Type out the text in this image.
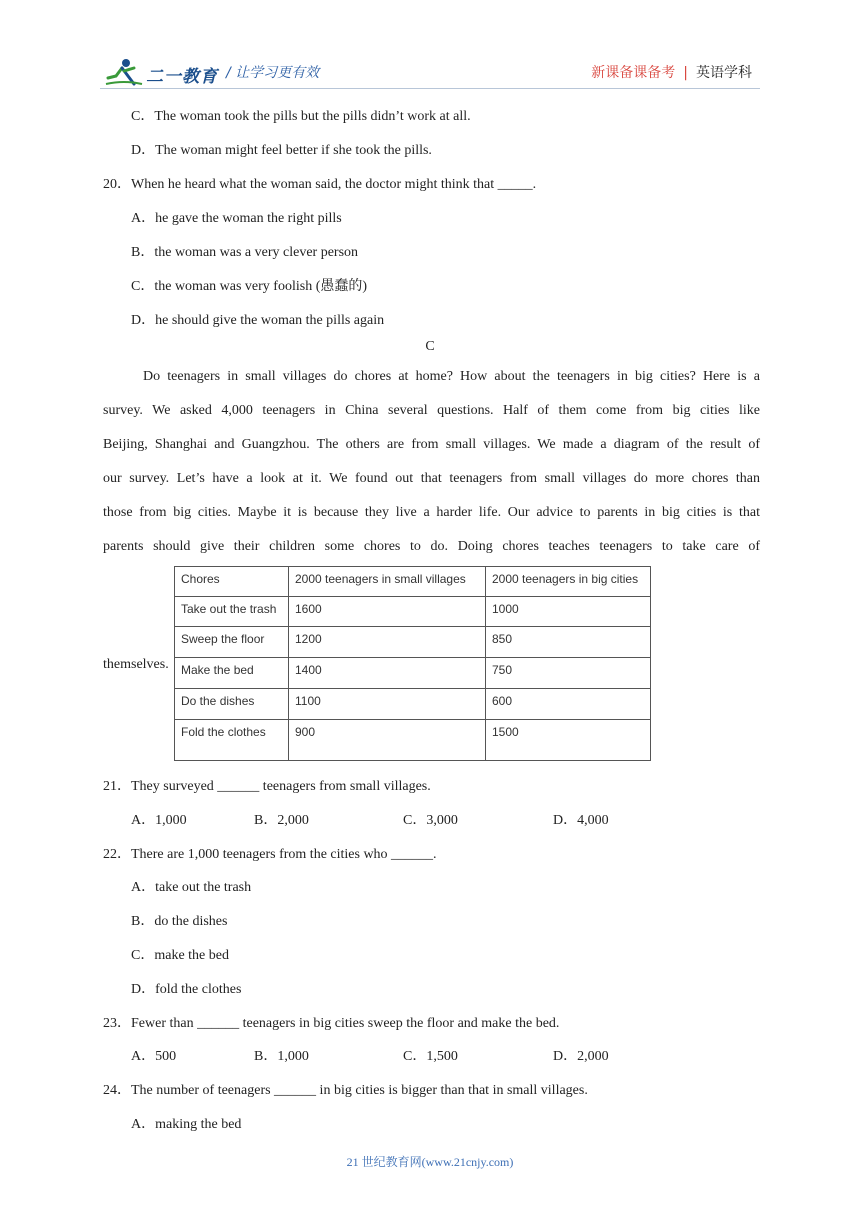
二一教育 / 让学习更有效	新课备课备考 | 英语学科
C．The woman took the pills but the pills didn’t work at all.
D．The woman might feel better if she took the pills.
20．When he heard what the woman said, the doctor might think that _____.
A．he gave the woman the right pills
B．the woman was a very clever person
C．the woman was very foolish (愚蠢的)
D．he should give the woman the pills again
C
Do teenagers in small villages do chores at home? How about the teenagers in big cities? Here is a
survey. We asked 4,000 teenagers in China several questions. Half of them come from big cities like
Beijing, Shanghai and Guangzhou. The others are from small villages. We made a diagram of the result of
our survey. Let’s have a look at it. We found out that teenagers from small villages do more chores than
those from big cities. Maybe it is because they live a harder life. Our advice to parents in big cities is that
parents should give their children some chores to do. Doing chores teaches teenagers to take care of
themselves.
Chores	2000 teenagers in small villages	2000 teenagers in big cities
Take out the trash	1600	1000
Sweep the floor	1200	850
Make the bed	1400	750
Do the dishes	1100	600
Fold the clothes	900	1500
21．They surveyed ______ teenagers from small villages.
A．1,000	B．2,000	C．3,000	D．4,000
22．There are 1,000 teenagers from the cities who ______.
A．take out the trash
B．do the dishes
C．make the bed
D．fold the clothes
23．Fewer than ______ teenagers in big cities sweep the floor and make the bed.
A．500	B．1,000	C．1,500	D．2,000
24．The number of teenagers ______ in big cities is bigger than that in small villages.
A．making the bed
21 世纪教育网(www.21cnjy.com)
